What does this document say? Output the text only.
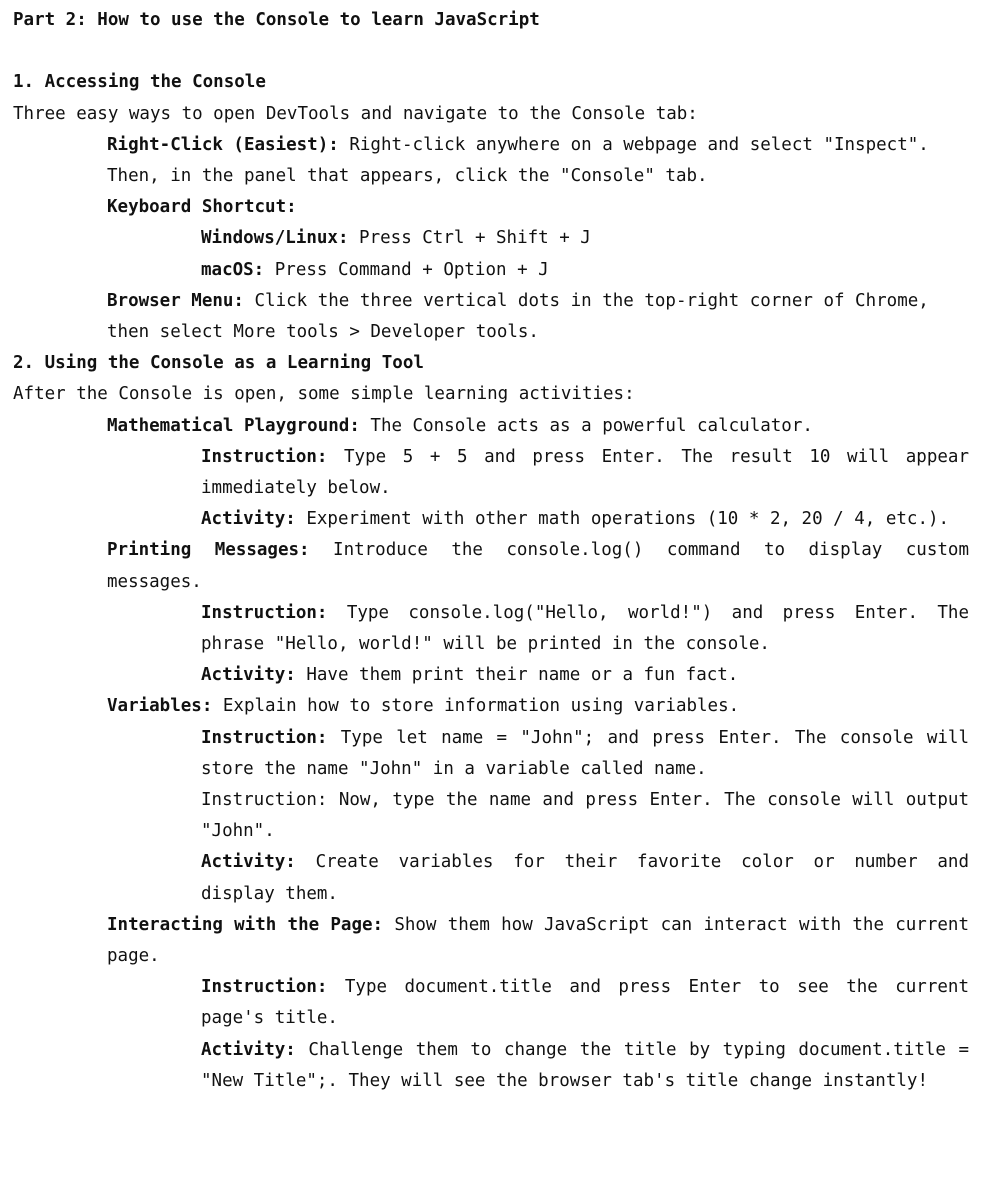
Part 2: How to use the Console to learn JavaScript
1. Accessing the Console
Three easy ways to open DevTools and navigate to the Console tab:
Right-Click (Easiest): Right-click anywhere on a webpage and select "Inspect". Then, in the panel that appears, click the "Console" tab.
Keyboard Shortcut:
Windows/Linux: Press Ctrl + Shift + J
macOS: Press Command + Option + J
Browser Menu: Click the three vertical dots in the top-right corner of Chrome, then select More tools > Developer tools.
2. Using the Console as a Learning Tool
After the Console is open, some simple learning activities:
Mathematical Playground: The Console acts as a powerful calculator.
Instruction: Type 5 + 5 and press Enter. The result 10 will appear immediately below.
Activity: Experiment with other math operations (10 * 2, 20 / 4, etc.).
Printing Messages: Introduce the console.log() command to display custom messages.
Instruction: Type console.log("Hello, world!") and press Enter. The phrase "Hello, world!" will be printed in the console.
Activity: Have them print their name or a fun fact.
Variables: Explain how to store information using variables.
Instruction: Type let name = "John"; and press Enter. The console will store the name "John" in a variable called name.
Instruction: Now, type the name and press Enter. The console will output "John".
Activity: Create variables for their favorite color or number and display them.
Interacting with the Page: Show them how JavaScript can interact with the current page.
Instruction: Type document.title and press Enter to see the current page's title.
Activity: Challenge them to change the title by typing document.title = "New Title";. They will see the browser tab's title change instantly!
